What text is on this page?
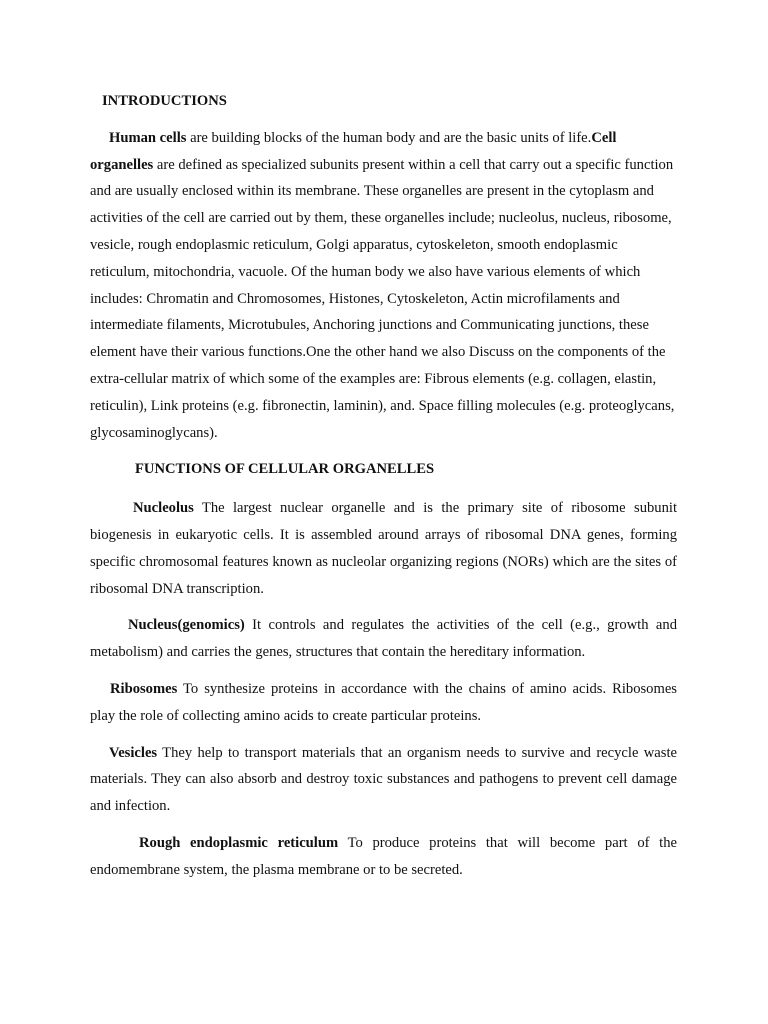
INTRODUCTIONS

Human cells are building blocks of the human body and are the basic units of life.Cell organelles are defined as specialized subunits present within a cell that carry out a specific function and are usually enclosed within its membrane. These organelles are present in the cytoplasm and activities of the cell are carried out by them, these organelles include; nucleolus, nucleus, ribosome, vesicle, rough endoplasmic reticulum, Golgi apparatus, cytoskeleton, smooth endoplasmic reticulum, mitochondria, vacuole. Of the human body we also have various elements of which includes: Chromatin and Chromosomes, Histones, Cytoskeleton, Actin microfilaments and intermediate filaments, Microtubules, Anchoring junctions and Communicating junctions, these element have their various functions.One the other hand we also Discuss on the components of the extra-cellular matrix of which some of the examples are: Fibrous elements (e.g. collagen, elastin, reticulin), Link proteins (e.g. fibronectin, laminin), and. Space filling molecules (e.g. proteoglycans, glycosaminoglycans).

FUNCTIONS OF CELLULAR ORGANELLES

Nucleolus The largest nuclear organelle and is the primary site of ribosome subunit biogenesis in eukaryotic cells. It is assembled around arrays of ribosomal DNA genes, forming specific chromosomal features known as nucleolar organizing regions (NORs) which are the sites of ribosomal DNA transcription.

Nucleus(genomics) It controls and regulates the activities of the cell (e.g., growth and metabolism) and carries the genes, structures that contain the hereditary information.

Ribosomes To synthesize proteins in accordance with the chains of amino acids. Ribosomes play the role of collecting amino acids to create particular proteins.

Vesicles They help to transport materials that an organism needs to survive and recycle waste materials. They can also absorb and destroy toxic substances and pathogens to prevent cell damage and infection.

Rough endoplasmic reticulum To produce proteins that will become part of the endomembrane system, the plasma membrane or to be secreted.
